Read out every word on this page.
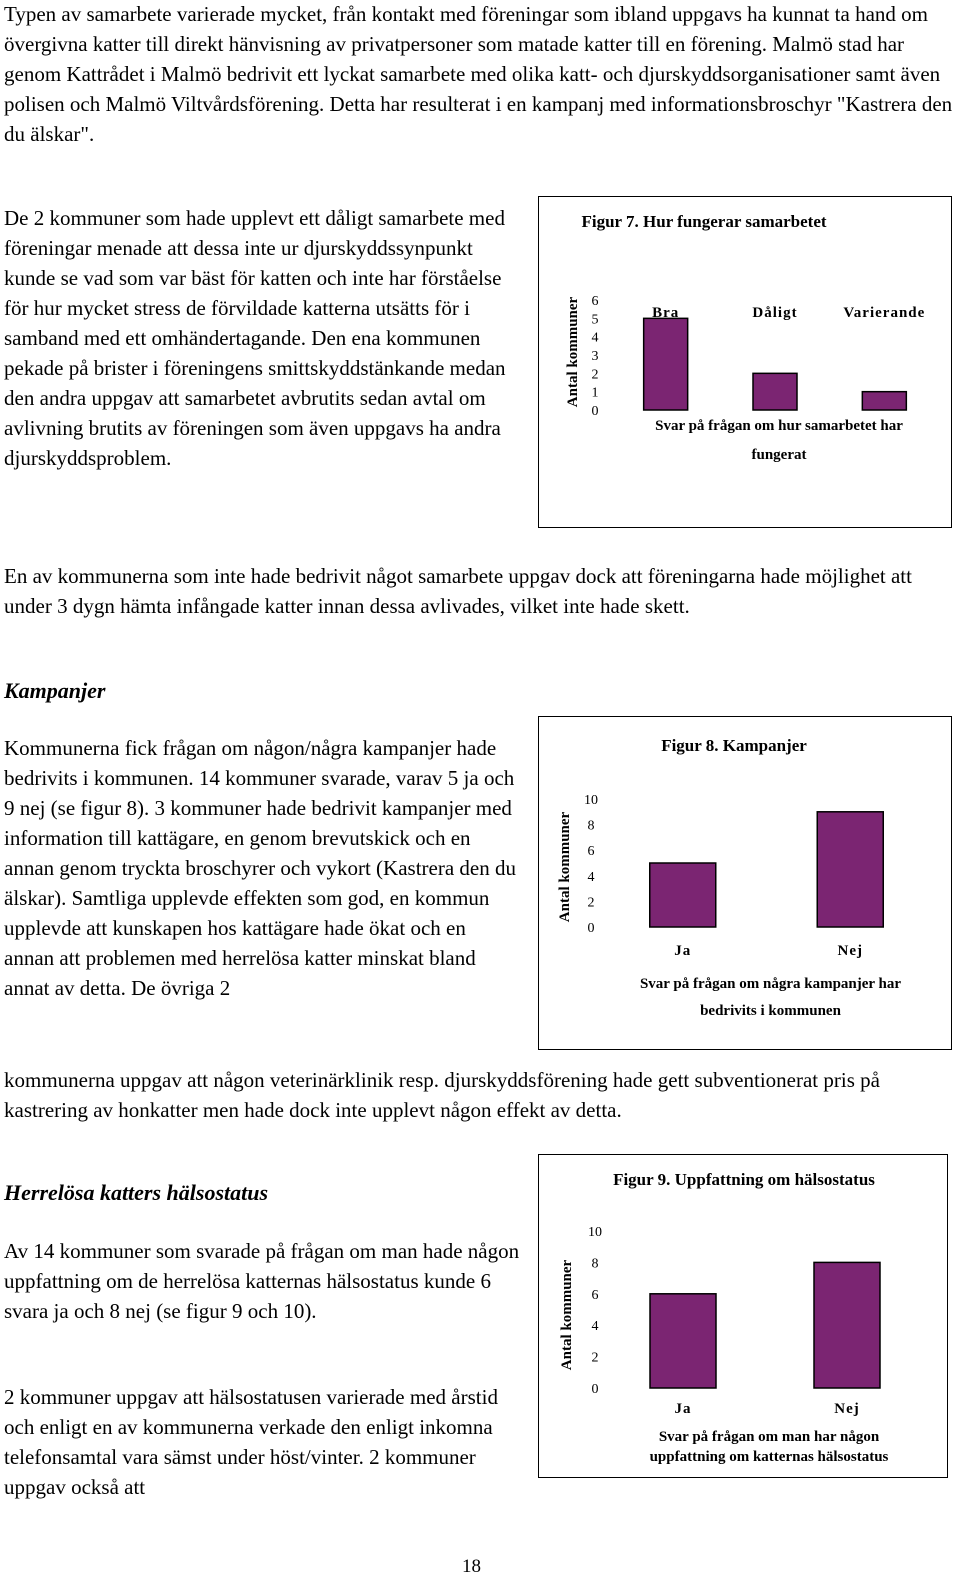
Typen av samarbete varierade mycket, från kontakt med föreningar som ibland uppgavs ha kunnat ta hand om övergivna katter till direkt hänvisning av privatpersoner som matade katter till en förening. Malmö stad har genom Kattrådet i Malmö bedrivit ett lyckat samarbete med olika katt- och djurskyddsorganisationer samt även polisen och Malmö Viltvårdsförening. Detta har resulterat i en kampanj med informationsbroschyr "Kastrera den du älskar".

De 2 kommuner som hade upplevt ett dåligt samarbete med föreningar menade att dessa inte ur djurskyddssynpunkt kunde se vad som var bäst för katten och inte har förståelse för hur mycket stress de förvildade katterna utsätts för i samband med ett omhändertagande. Den ena kommunen pekade på brister i föreningens smittskyddstänkande medan den andra uppgav att samarbetet avbrutits sedan avtal om avlivning brutits av föreningen som även uppgavs ha andra djurskyddsproblem.

Figur 7. Hur fungerar samarbetet
Antal kommuner
0
1
2
3
4
5
6
Bra	Dåligt	Varierande
Svar på frågan om hur samarbetet har
fungerat

En av kommunerna som inte hade bedrivit något samarbete uppgav dock att föreningarna hade möjlighet att under 3 dygn hämta infångade katter innan dessa avlivades, vilket inte hade skett.

Kampanjer

Kommunerna fick frågan om någon/några kampanjer hade bedrivits i kommunen. 14 kommuner svarade, varav 5 ja och 9 nej (se figur 8). 3 kommuner hade bedrivit kampanjer med information till kattägare, en genom brevutskick och en annan genom tryckta broschyrer och vykort (Kastrera den du älskar). Samtliga upplevde effekten som god, en kommun upplevde att kunskapen hos kattägare hade ökat och en annan att problemen med herrelösa katter minskat bland annat av detta. De övriga 2

Figur 8. Kampanjer
Antal kommuner
0
2
4
6
8
10
Ja	Nej
Svar på frågan om några kampanjer har
bedrivits i kommunen

kommunerna uppgav att någon veterinärklinik resp. djurskyddsförening hade gett subventionerat pris på kastrering av honkatter men hade dock inte upplevt någon effekt av detta.

Herrelösa katters hälsostatus

Av 14 kommuner som svarade på frågan om man hade någon uppfattning om de herrelösa katternas hälsostatus kunde 6 svara ja och 8 nej (se figur 9 och 10).

2 kommuner uppgav att hälsostatusen varierade med årstid och enligt en av kommunerna verkade den enligt inkomna telefonsamtal vara sämst under höst/vinter. 2 kommuner uppgav också att

Figur 9. Uppfattning om hälsostatus
Antal kommuner
0
2
4
6
8
10
Ja	Nej
Svar på frågan om man har någon
uppfattning om katternas hälsostatus
18
